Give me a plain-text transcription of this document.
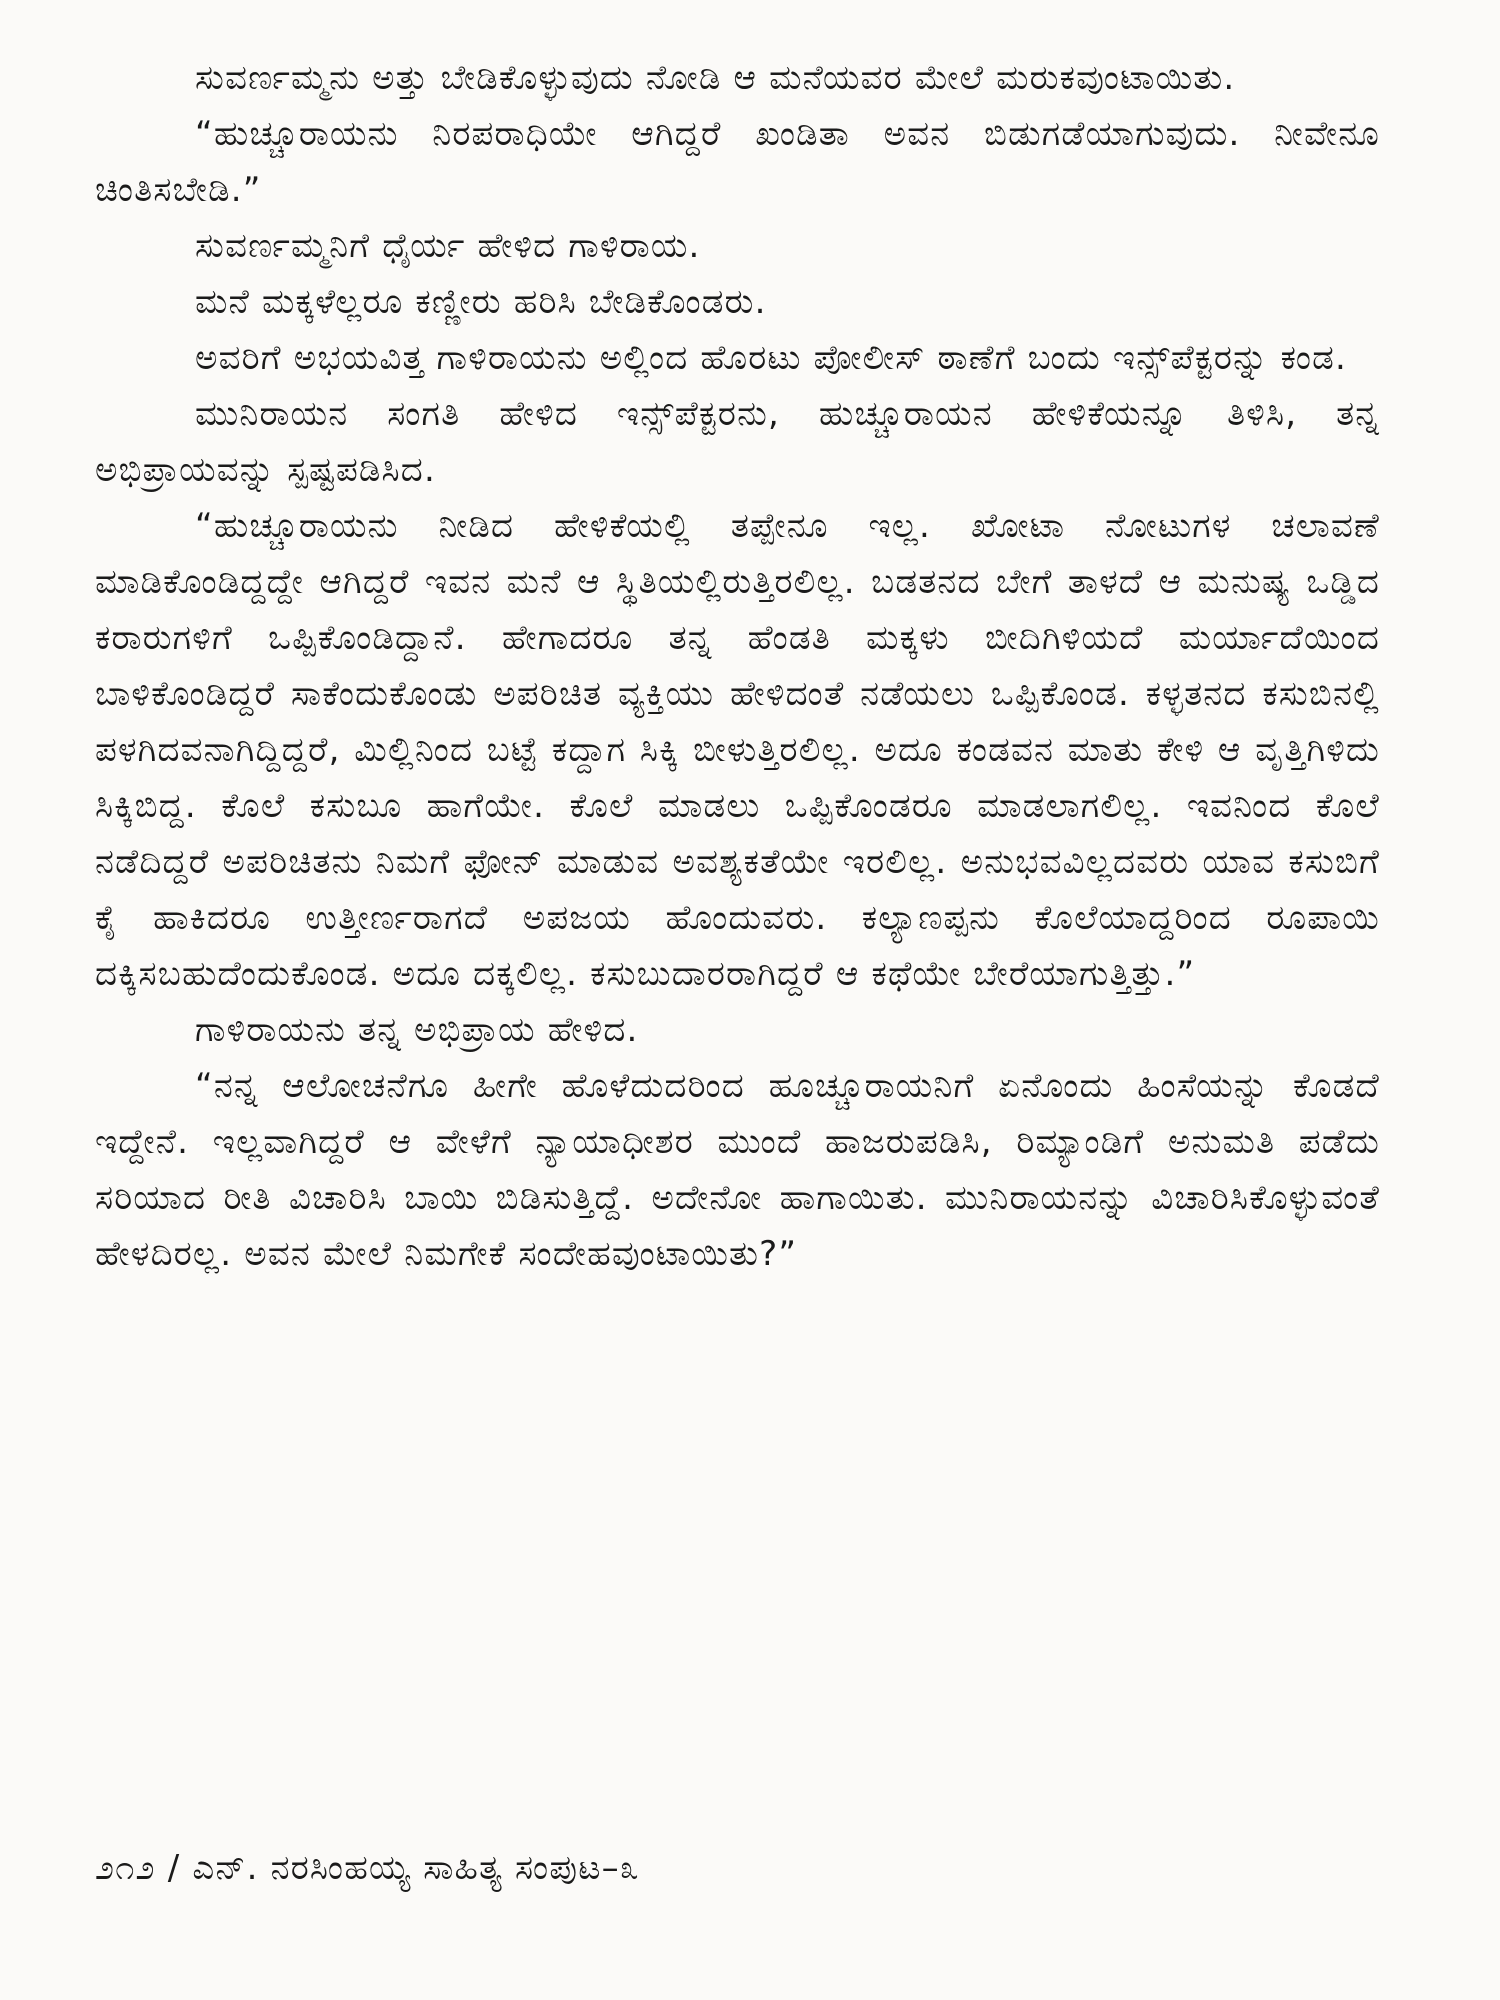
ಸುವರ್ಣಮ್ಮನು ಅತ್ತು ಬೇಡಿಕೊಳ್ಳುವುದು ನೋಡಿ ಆ ಮನೆಯವರ ಮೇಲೆ ಮರುಕವುಂಟಾಯಿತು.

“ಹುಚ್ಚೂರಾಯನು ನಿರಪರಾಧಿಯೇ ಆಗಿದ್ದರೆ ಖಂಡಿತಾ ಅವನ ಬಿಡುಗಡೆಯಾಗುವುದು. ನೀವೇನೂ ಚಿಂತಿಸಬೇಡಿ.”

ಸುವರ್ಣಮ್ಮನಿಗೆ ಧೈರ್ಯ ಹೇಳಿದ ಗಾಳಿರಾಯ.

ಮನೆ ಮಕ್ಕಳೆಲ್ಲರೂ ಕಣ್ಣೀರು ಹರಿಸಿ ಬೇಡಿಕೊಂಡರು.

ಅವರಿಗೆ ಅಭಯವಿತ್ತ ಗಾಳಿರಾಯನು ಅಲ್ಲಿಂದ ಹೊರಟು ಪೋಲೀಸ್ ಠಾಣೆಗೆ ಬಂದು ಇನ್ಸ್‌ಪೆಕ್ಟರನ್ನು ಕಂಡ.

ಮುನಿರಾಯನ ಸಂಗತಿ ಹೇಳಿದ ಇನ್ಸ್‌ಪೆಕ್ಟರನು, ಹುಚ್ಚೂರಾಯನ ಹೇಳಿಕೆಯನ್ನೂ ತಿಳಿಸಿ, ತನ್ನ ಅಭಿಪ್ರಾಯವನ್ನು ಸ್ಪಷ್ಟಪಡಿಸಿದ.

“ಹುಚ್ಚೂರಾಯನು ನೀಡಿದ ಹೇಳಿಕೆಯಲ್ಲಿ ತಪ್ಪೇನೂ ಇಲ್ಲ. ಖೋಟಾ ನೋಟುಗಳ ಚಲಾವಣೆ ಮಾಡಿಕೊಂಡಿದ್ದದ್ದೇ ಆಗಿದ್ದರೆ ಇವನ ಮನೆ ಆ ಸ್ಥಿತಿಯಲ್ಲಿರುತ್ತಿರಲಿಲ್ಲ. ಬಡತನದ ಬೇಗೆ ತಾಳದೆ ಆ ಮನುಷ್ಯ ಒಡ್ಡಿದ ಕರಾರುಗಳಿಗೆ ಒಪ್ಪಿಕೊಂಡಿದ್ದಾನೆ. ಹೇಗಾದರೂ ತನ್ನ ಹೆಂಡತಿ ಮಕ್ಕಳು ಬೀದಿಗಿಳಿಯದೆ ಮರ್ಯಾದೆಯಿಂದ ಬಾಳಿಕೊಂಡಿದ್ದರೆ ಸಾಕೆಂದುಕೊಂಡು ಅಪರಿಚಿತ ವ್ಯಕ್ತಿಯು ಹೇಳಿದಂತೆ ನಡೆಯಲು ಒಪ್ಪಿಕೊಂಡ. ಕಳ್ಳತನದ ಕಸುಬಿನಲ್ಲಿ ಪಳಗಿದವನಾಗಿದ್ದಿದ್ದರೆ, ಮಿಲ್ಲಿನಿಂದ ಬಟ್ಟೆ ಕದ್ದಾಗ ಸಿಕ್ಕಿ ಬೀಳುತ್ತಿರಲಿಲ್ಲ. ಅದೂ ಕಂಡವನ ಮಾತು ಕೇಳಿ ಆ ವೃತ್ತಿಗಿಳಿದು ಸಿಕ್ಕಿಬಿದ್ದ. ಕೊಲೆ ಕಸುಬೂ ಹಾಗೆಯೇ. ಕೊಲೆ ಮಾಡಲು ಒಪ್ಪಿಕೊಂಡರೂ ಮಾಡಲಾಗಲಿಲ್ಲ. ಇವನಿಂದ ಕೊಲೆ ನಡೆದಿದ್ದರೆ ಅಪರಿಚಿತನು ನಿಮಗೆ ಫೋನ್ ಮಾಡುವ ಅವಶ್ಯಕತೆಯೇ ಇರಲಿಲ್ಲ. ಅನುಭವವಿಲ್ಲದವರು ಯಾವ ಕಸುಬಿಗೆ ಕೈ ಹಾಕಿದರೂ ಉತ್ತೀರ್ಣರಾಗದೆ ಅಪಜಯ ಹೊಂದುವರು. ಕಲ್ಯಾಣಪ್ಪನು ಕೊಲೆಯಾದ್ದರಿಂದ ರೂಪಾಯಿ ದಕ್ಕಿಸಬಹುದೆಂದುಕೊಂಡ. ಅದೂ ದಕ್ಕಲಿಲ್ಲ. ಕಸುಬುದಾರರಾಗಿದ್ದರೆ ಆ ಕಥೆಯೇ ಬೇರೆಯಾಗುತ್ತಿತ್ತು.”

ಗಾಳಿರಾಯನು ತನ್ನ ಅಭಿಪ್ರಾಯ ಹೇಳಿದ.

“ನನ್ನ ಆಲೋಚನೆಗೂ ಹೀಗೇ ಹೊಳೆದುದರಿಂದ ಹೂಚ್ಚೂರಾಯನಿಗೆ ಏನೊಂದು ಹಿಂಸೆಯನ್ನು ಕೊಡದೆ ಇದ್ದೇನೆ. ಇಲ್ಲವಾಗಿದ್ದರೆ ಆ ವೇಳೆಗೆ ನ್ಯಾಯಾಧೀಶರ ಮುಂದೆ ಹಾಜರುಪಡಿಸಿ, ರಿಮ್ಯಾಂಡಿಗೆ ಅನುಮತಿ ಪಡೆದು ಸರಿಯಾದ ರೀತಿ ವಿಚಾರಿಸಿ ಬಾಯಿ ಬಿಡಿಸುತ್ತಿದ್ದೆ. ಅದೇನೋ ಹಾಗಾಯಿತು. ಮುನಿರಾಯನನ್ನು ವಿಚಾರಿಸಿಕೊಳ್ಳುವಂತೆ ಹೇಳದಿರಲ್ಲ. ಅವನ ಮೇಲೆ ನಿಮಗೇಕೆ ಸಂದೇಹವುಂಟಾಯಿತು?”

೨೧೨ / ಎನ್. ನರಸಿಂಹಯ್ಯ ಸಾಹಿತ್ಯ ಸಂಪುಟ–೩
